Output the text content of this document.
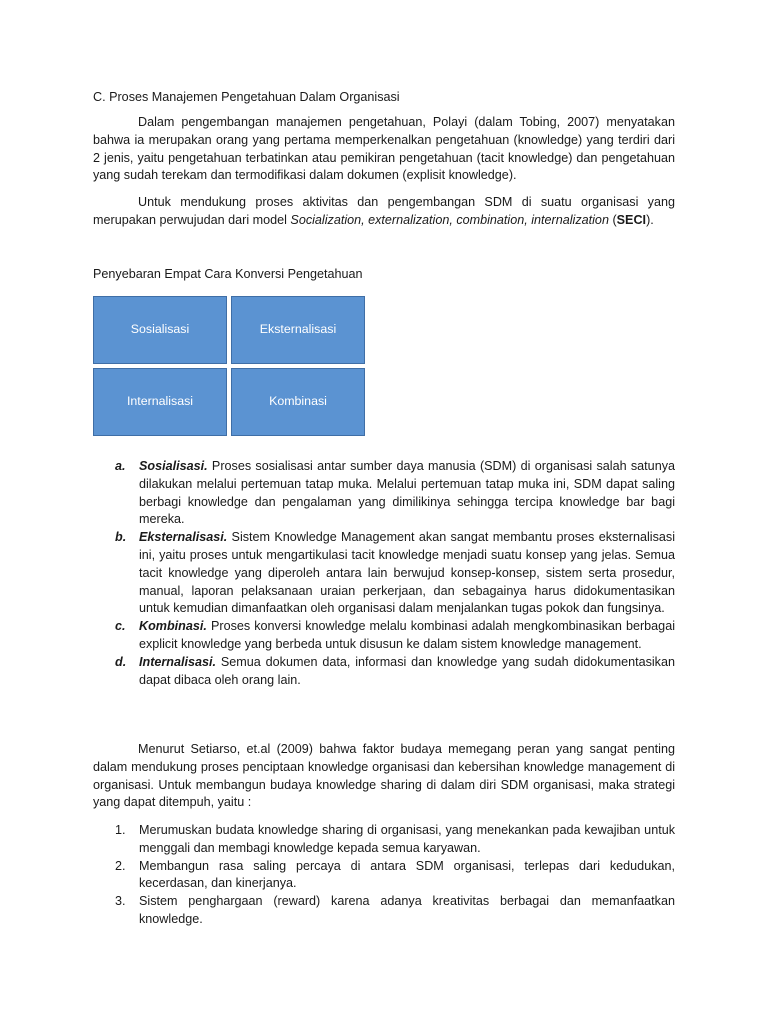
C. Proses Manajemen Pengetahuan Dalam Organisasi

Dalam pengembangan manajemen pengetahuan, Polayi (dalam Tobing, 2007) menyatakan bahwa ia merupakan orang yang pertama memperkenalkan pengetahuan (knowledge) yang terdiri dari 2 jenis, yaitu pengetahuan terbatinkan atau pemikiran pengetahuan (tacit knowledge) dan pengetahuan yang sudah terekam dan termodifikasi dalam dokumen (explisit knowledge).

Untuk mendukung proses aktivitas dan pengembangan SDM di suatu organisasi yang merupakan perwujudan dari model Socialization, externalization, combination, internalization (SECI).

Penyebaran Empat Cara Konversi Pengetahuan
Sosialisasi	Eksternalisasi
Internalisasi	Kombinasi
a. Sosialisasi. Proses sosialisasi antar sumber daya manusia (SDM) di organisasi salah satunya dilakukan melalui pertemuan tatap muka. Melalui pertemuan tatap muka ini, SDM dapat saling berbagi knowledge dan pengalaman yang dimilikinya sehingga tercipa knowledge bar bagi mereka.
b. Eksternalisasi. Sistem Knowledge Management akan sangat membantu proses eksternalisasi ini, yaitu proses untuk mengartikulasi tacit knowledge menjadi suatu konsep yang jelas. Semua tacit knowledge yang diperoleh antara lain berwujud konsep-konsep, sistem serta prosedur, manual, laporan pelaksanaan uraian perkerjaan, dan sebagainya harus didokumentasikan untuk kemudian dimanfaatkan oleh organisasi dalam menjalankan tugas pokok dan fungsinya.
c. Kombinasi. Proses konversi knowledge melalu kombinasi adalah mengkombinasikan berbagai explicit knowledge yang berbeda untuk disusun ke dalam sistem knowledge management.
d. Internalisasi. Semua dokumen data, informasi dan knowledge yang sudah didokumentasikan dapat dibaca oleh orang lain.

Menurut Setiarso, et.al (2009) bahwa faktor budaya memegang peran yang sangat penting dalam mendukung proses penciptaan knowledge organisasi dan kebersihan knowledge management di organisasi. Untuk membangun budaya knowledge sharing di dalam diri SDM organisasi, maka strategi yang dapat ditempuh, yaitu :

1. Merumuskan budata knowledge sharing di organisasi, yang menekankan pada kewajiban untuk menggali dan membagi knowledge kepada semua karyawan.
2. Membangun rasa saling percaya di antara SDM organisasi, terlepas dari kedudukan, kecerdasan, dan kinerjanya.
3. Sistem penghargaan (reward) karena adanya kreativitas berbagai dan memanfaatkan knowledge.
